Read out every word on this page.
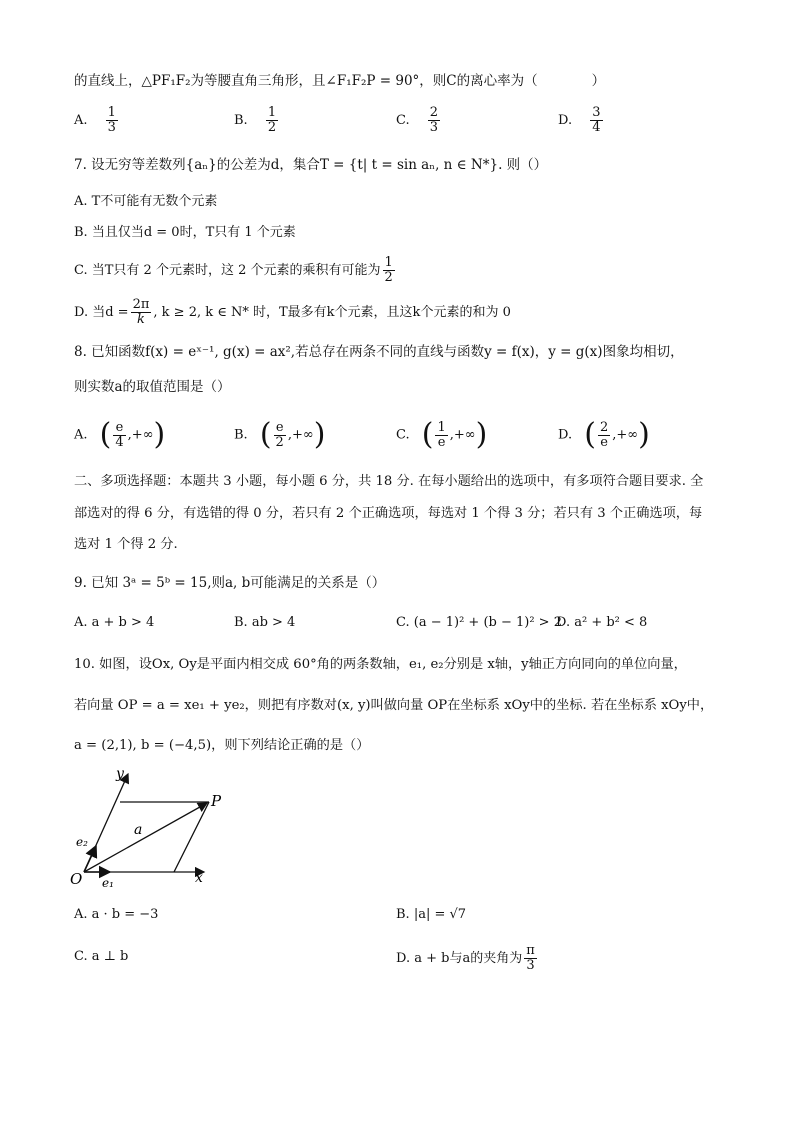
的直线上，△PF₁F₂为等腰直角三角形，且∠F₁F₂P = 90°，则C的离心率为（　　　　）
A. $\frac{1}{3}$	B. $\frac{1}{2}$	C. $\frac{2}{3}$	D. $\frac{3}{4}$
7. 设无穷等差数列{aₙ}的公差为d，集合T = {t| t = sin aₙ, n ∈ N*}. 则（）
A. T不可能有无数个元素
B. 当且仅当d = 0时，T只有 1 个元素
C. 当T只有 2 个元素时，这 2 个元素的乘积有可能为 $\frac{1}{2}$
D. 当$d = \frac{2\pi}{k}$ , k ≥ 2, k ∈ N* 时，T最多有k个元素，且这k个元素的和为 0
8. 已知函数f(x) = eˣ⁻¹, g(x) = ax²,若总存在两条不同的直线与函数y = f(x)，y = g(x)图象均相切，
则实数a的取值范围是（）
A. ( $\frac{e}{4}$ ,+∞)	B. ( $\frac{e}{2}$ ,+∞)	C. ( $\frac{1}{e}$ ,+∞)	D. ( $\frac{2}{e}$ ,+∞)
二、多项选择题：本题共 3 小题，每小题 6 分，共 18 分. 在每小题给出的选项中，有多项符合题目要求. 全
部选对的得 6 分，有选错的得 0 分，若只有 2 个正确选项，每选对 1 个得 3 分；若只有 3 个正确选项，每
选对 1 个得 2 分.
9. 已知 3ᵃ = 5ᵇ = 15,则a, b可能满足的关系是（）
A. a + b > 4	B. ab > 4	C. (a − 1)² + (b − 1)² > 2
D. a² + b² < 8
10. 如图，设Ox, Oy是平面内相交成 60°角的两条数轴，e₁, e₂分别是 x轴，y轴正方向同向的单位向量，
若向量 OP = a = xe₁ + ye₂，则把有序数对(x, y)叫做向量 OP在坐标系 xOy中的坐标. 若在坐标系 xOy中，
a = (2,1), b = (−4,5)，则下列结论正确的是（）
y
x
P
O
a
e₁
e₂
A. a · b = −3	B. |a| = √7
C. a ⊥ b	D. a + b与a的夹角为 $\frac{\pi}{3}$
